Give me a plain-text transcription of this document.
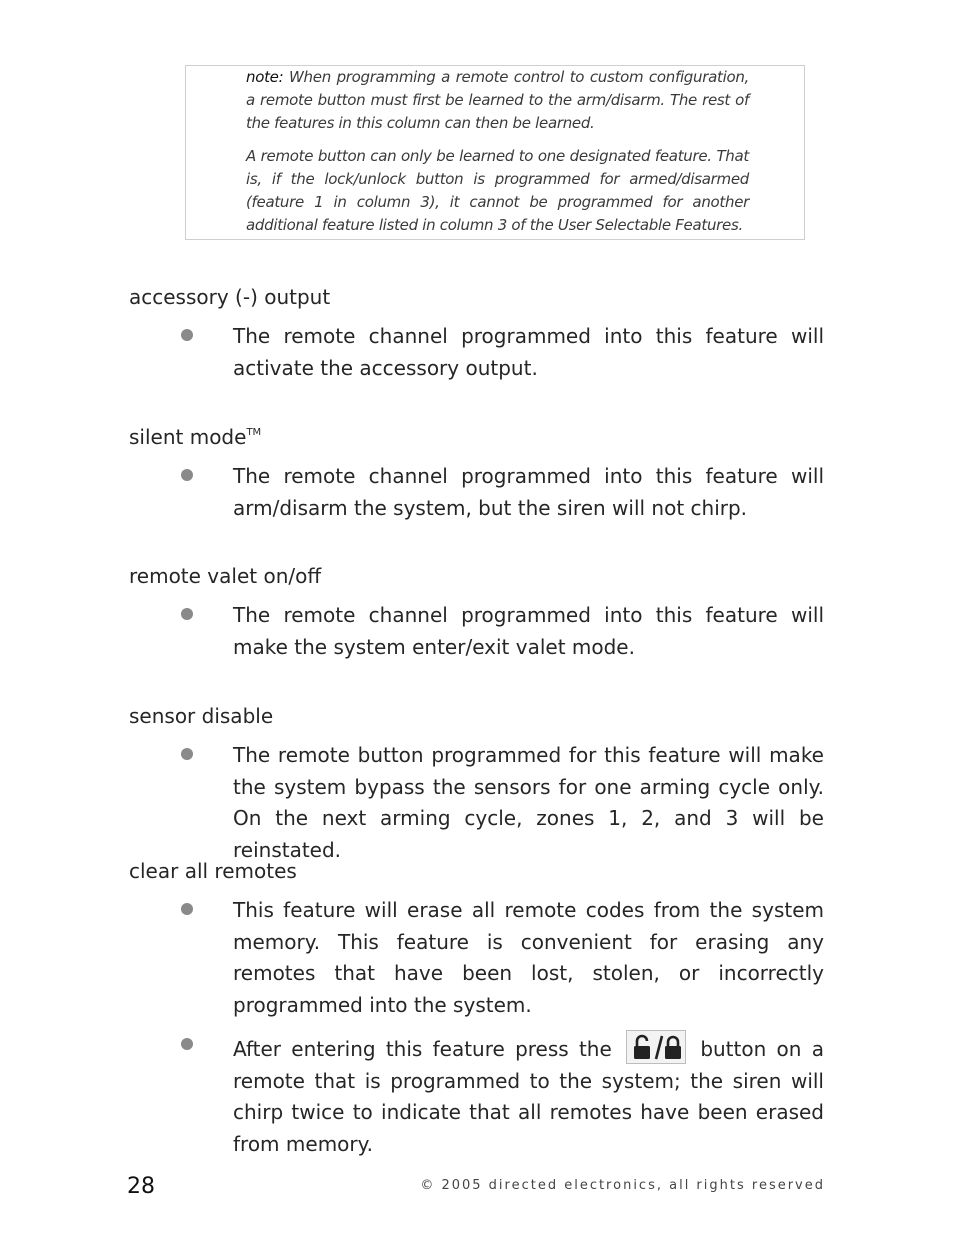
note: When programming a remote control to custom configuration, a remote button must first be learned to the arm/disarm. The rest of the features in this column can then be learned.

A remote button can only be learned to one designated feature. That is, if the lock/unlock button is programmed for armed/disarmed (feature 1 in column 3), it cannot be programmed for another additional feature listed in column 3 of the User Selectable Features.

accessory (-) output

The remote channel programmed into this feature will activate the accessory output.

silent mode™

The remote channel programmed into this feature will arm/disarm the system, but the siren will not chirp.

remote valet on/off

The remote channel programmed into this feature will make the system enter/exit valet mode.

sensor disable

The remote button programmed for this feature will make the system bypass the sensors for one arming cycle only. On the next arming cycle, zones 1, 2, and 3 will be reinstated.

clear all remotes

This feature will erase all remote codes from the system memory. This feature is convenient for erasing any remotes that have been lost, stolen, or incorrectly programmed into the system.

After entering this feature press the	button on a remote that is programmed to the system; the siren will chirp twice to indicate that all remotes have been erased from memory.

28	© 2005 directed electronics, all rights reserved
